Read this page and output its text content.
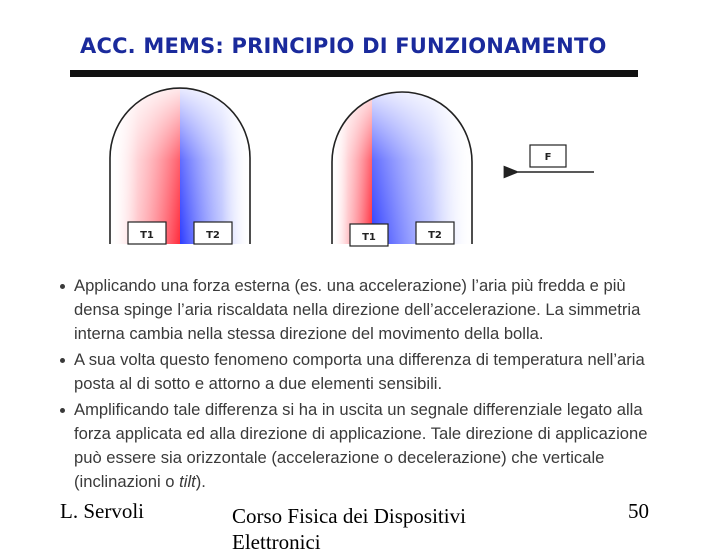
ACC. MEMS: PRINCIPIO DI FUNZIONAMENTO
T1	T2	T1	T2
F
Applicando una forza esterna (es. una accelerazione) l’aria più fredda e più densa spinge l’aria riscaldata nella direzione dell’accelerazione. La simmetria interna cambia nella stessa direzione del movimento della bolla.
A sua volta questo fenomeno comporta una differenza di temperatura nell’aria posta al di sotto e attorno a due elementi sensibili.
Amplificando tale differenza si ha in uscita un segnale differenziale legato alla forza applicata ed alla direzione di applicazione. Tale direzione di applicazione può essere sia orizzontale (accelerazione o decelerazione) che verticale (inclinazioni o tilt).
L. Servoli	Corso Fisica dei Dispositivi Elettronici
50
